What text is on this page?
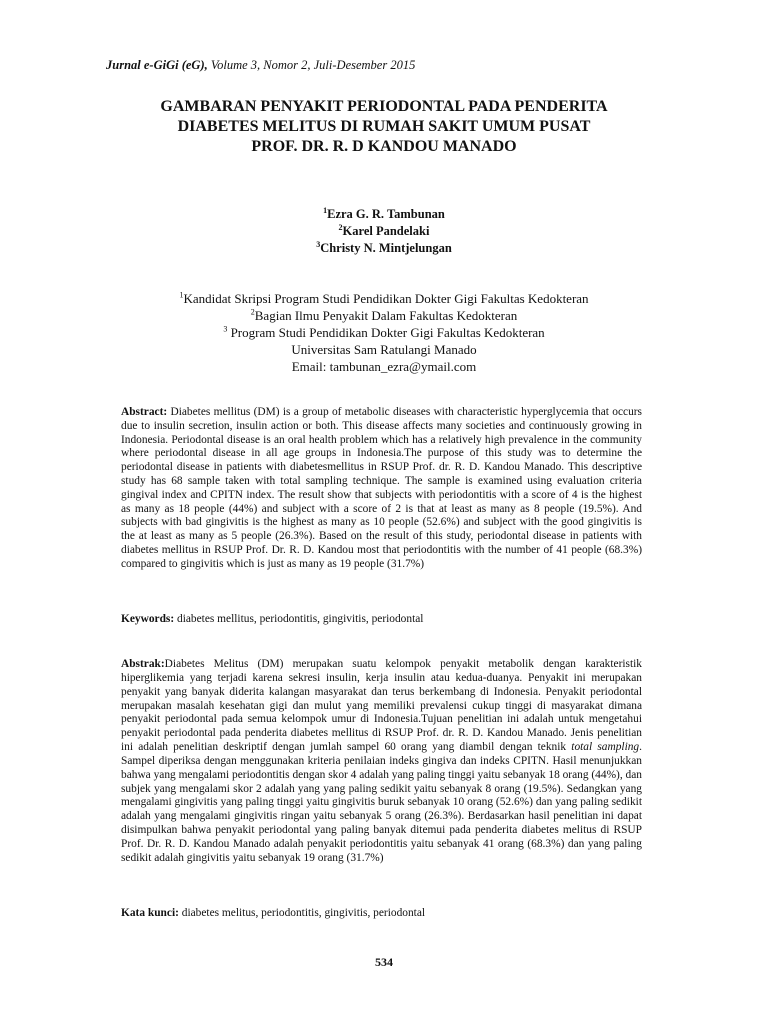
Jurnal e-GiGi (eG), Volume 3, Nomor 2, Juli-Desember 2015
GAMBARAN PENYAKIT PERIODONTAL PADA PENDERITA
DIABETES MELITUS DI RUMAH SAKIT UMUM PUSAT
PROF. DR. R. D KANDOU MANADO
$^1$Ezra G. R. Tambunan
$^2$Karel Pandelaki
$^3$Christy N. Mintjelungan
$^1$Kandidat Skripsi Program Studi Pendidikan Dokter Gigi Fakultas Kedokteran
$^2$Bagian Ilmu Penyakit Dalam Fakultas Kedokteran
$^3$ Program Studi Pendidikan Dokter Gigi Fakultas Kedokteran
Universitas Sam Ratulangi Manado
Email: tambunan_ezra@ymail.com
Abstract: Diabetes mellitus (DM) is a group of metabolic diseases with characteristic hyperglycemia that occurs due to insulin secretion, insulin action or both. This disease affects many societies and continuously growing in Indonesia. Periodontal disease is an oral health problem which has a relatively high prevalence in the community where periodontal disease in all age groups in Indonesia.The purpose of this study was to determine the periodontal disease in patients with diabetesmellitus in RSUP Prof. dr. R. D. Kandou Manado. This descriptive study has 68 sample taken with total sampling technique. The sample is examined using evaluation criteria gingival index and CPITN index. The result show that subjects with periodontitis with a score of 4 is the highest as many as 18 people (44%) and subject with a score of 2 is that at least as many as 8 people (19.5%). And subjects with bad gingivitis is the highest as many as 10 people (52.6%) and subject with the good gingivitis is the at least as many as 5 people (26.3%). Based on the result of this study, periodontal disease in patients with diabetes mellitus in RSUP Prof. Dr. R. D. Kandou most that periodontitis with the number of 41 people (68.3%) compared to gingivitis which is just as many as 19 people (31.7%)
Keywords: diabetes mellitus, periodontitis, gingivitis, periodontal
Abstrak:Diabetes Melitus (DM) merupakan suatu kelompok penyakit metabolik dengan karakteristik hiperglikemia yang terjadi karena sekresi insulin, kerja insulin atau kedua-duanya. Penyakit ini merupakan penyakit yang banyak diderita kalangan masyarakat dan terus berkembang di Indonesia. Penyakit periodontal merupakan masalah kesehatan gigi dan mulut yang memiliki prevalensi cukup tinggi di masyarakat dimana penyakit periodontal pada semua kelompok umur di Indonesia.Tujuan penelitian ini adalah untuk mengetahui penyakit periodontal pada penderita diabetes mellitus di RSUP Prof. dr. R. D. Kandou Manado. Jenis penelitian ini adalah penelitian deskriptif dengan jumlah sampel 60 orang yang diambil dengan teknik total sampling. Sampel diperiksa dengan menggunakan kriteria penilaian indeks gingiva dan indeks CPITN. Hasil menunjukkan bahwa yang mengalami periodontitis dengan skor 4 adalah yang paling tinggi yaitu sebanyak 18 orang (44%), dan subjek yang mengalami skor 2 adalah yang yang paling sedikit yaitu sebanyak 8 orang (19.5%). Sedangkan yang mengalami gingivitis yang paling tinggi yaitu gingivitis buruk sebanyak 10 orang (52.6%) dan yang paling sedikit adalah yang mengalami gingivitis ringan yaitu sebanyak 5 orang (26.3%). Berdasarkan hasil penelitian ini dapat disimpulkan bahwa penyakit periodontal yang paling banyak ditemui pada penderita diabetes melitus di RSUP Prof. Dr. R. D. Kandou Manado adalah penyakit periodontitis yaitu sebanyak 41 orang (68.3%) dan yang paling sedikit adalah gingivitis yaitu sebanyak 19 orang (31.7%)
Kata kunci: diabetes melitus, periodontitis, gingivitis, periodontal
534
